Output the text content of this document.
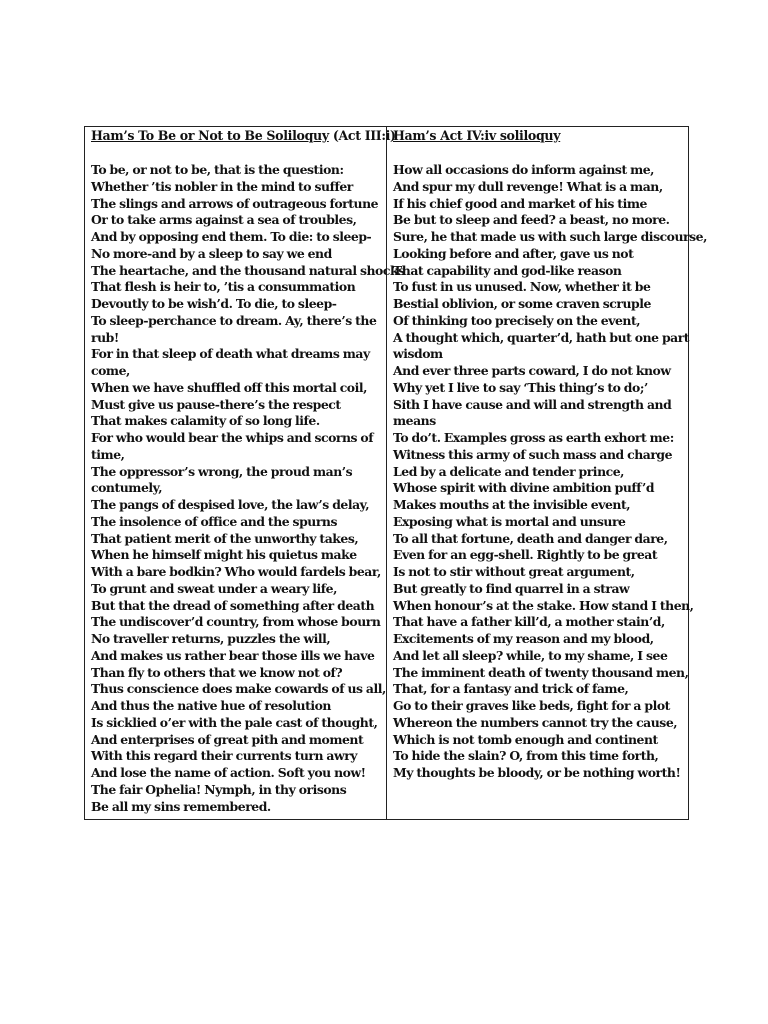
Ham’s To Be or Not to Be Soliloquy (Act III:i)
To be, or not to be, that is the question:
Whether ’tis nobler in the mind to suffer
The slings and arrows of outrageous fortune
Or to take arms against a sea of troubles,
And by opposing end them. To die: to sleep-
No more-and by a sleep to say we end
The heartache, and the thousand natural shocks
That flesh is heir to, ’tis a consummation
Devoutly to be wish’d. To die, to sleep-
To sleep-perchance to dream. Ay, there’s the
rub!
For in that sleep of death what dreams may
come,
When we have shuffled off this mortal coil,
Must give us pause-there’s the respect
That makes calamity of so long life.
For who would bear the whips and scorns of
time,
The oppressor’s wrong, the proud man’s
contumely,
The pangs of despised love, the law’s delay,
The insolence of office and the spurns
That patient merit of the unworthy takes,
When he himself might his quietus make
With a bare bodkin? Who would fardels bear,
To grunt and sweat under a weary life,
But that the dread of something after death
The undiscover’d country, from whose bourn
No traveller returns, puzzles the will,
And makes us rather bear those ills we have
Than fly to others that we know not of?
Thus conscience does make cowards of us all,
And thus the native hue of resolution
Is sicklied o’er with the pale cast of thought,
And enterprises of great pith and moment
With this regard their currents turn awry
And lose the name of action. Soft you now!
The fair Ophelia! Nymph, in thy orisons
Be all my sins remembered.

Ham’s Act IV:iv soliloquy
How all occasions do inform against me,
And spur my dull revenge! What is a man,
If his chief good and market of his time
Be but to sleep and feed? a beast, no more.
Sure, he that made us with such large discourse,
Looking before and after, gave us not
That capability and god-like reason
To fust in us unused. Now, whether it be
Bestial oblivion, or some craven scruple
Of thinking too precisely on the event,
A thought which, quarter’d, hath but one part
wisdom
And ever three parts coward, I do not know
Why yet I live to say ‘This thing’s to do;’
Sith I have cause and will and strength and
means
To do’t. Examples gross as earth exhort me:
Witness this army of such mass and charge
Led by a delicate and tender prince,
Whose spirit with divine ambition puff’d
Makes mouths at the invisible event,
Exposing what is mortal and unsure
To all that fortune, death and danger dare,
Even for an egg-shell. Rightly to be great
Is not to stir without great argument,
But greatly to find quarrel in a straw
When honour’s at the stake. How stand I then,
That have a father kill’d, a mother stain’d,
Excitements of my reason and my blood,
And let all sleep? while, to my shame, I see
The imminent death of twenty thousand men,
That, for a fantasy and trick of fame,
Go to their graves like beds, fight for a plot
Whereon the numbers cannot try the cause,
Which is not tomb enough and continent
To hide the slain? O, from this time forth,
My thoughts be bloody, or be nothing worth!
